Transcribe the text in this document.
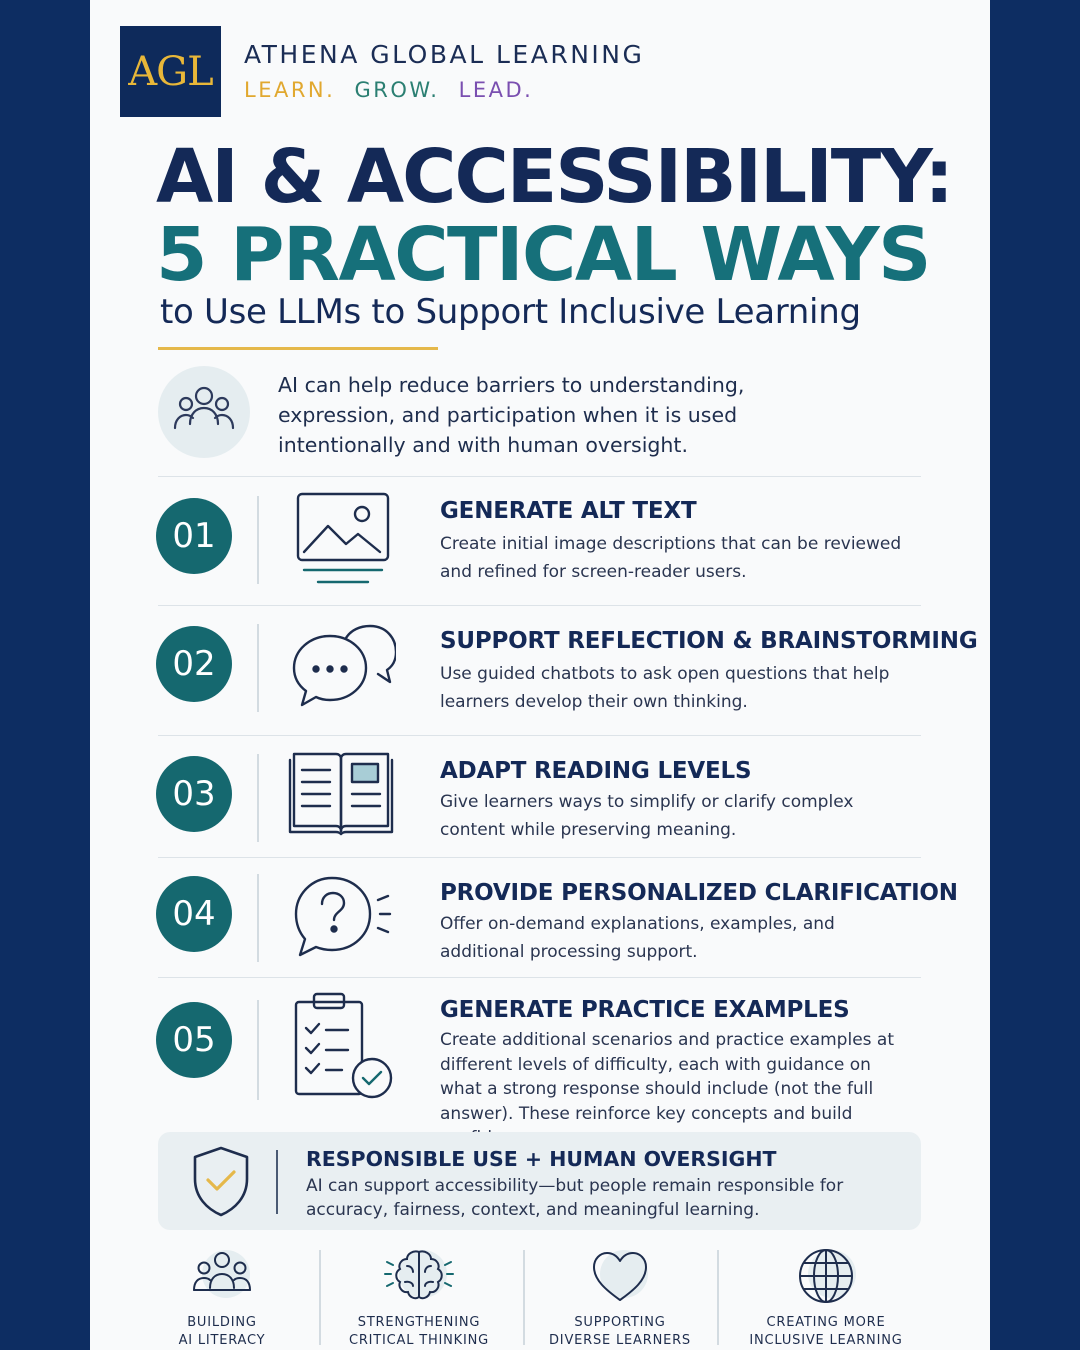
AGL ATHENA GLOBAL LEARNING
LEARN. GROW. LEAD.
AI & ACCESSIBILITY:
5 PRACTICAL WAYS
to Use LLMs to Support Inclusive Learning
AI can help reduce barriers to understanding, expression, and participation when it is used intentionally and with human oversight.
01
GENERATE ALT TEXT
Create initial image descriptions that can be reviewed and refined for screen-reader users.
02
SUPPORT REFLECTION & BRAINSTORMING
Use guided chatbots to ask open questions that help learners develop their own thinking.
03
ADAPT READING LEVELS
Give learners ways to simplify or clarify complex content while preserving meaning.
04
PROVIDE PERSONALIZED CLARIFICATION
Offer on-demand explanations, examples, and additional processing support.
05
GENERATE PRACTICE EXAMPLES
Create additional scenarios and practice examples at different levels of difficulty, each with guidance on what a strong response should include (not the full answer). These reinforce key concepts and build
RESPONSIBLE USE + HUMAN OVERSIGHT
AI can support accessibility—but people remain responsible for accuracy, fairness, context, and meaningful learning.
BUILDING
AI LITERACY
STRENGTHENING
CRITICAL THINKING
SUPPORTING
DIVERSE LEARNERS
CREATING MORE
INCLUSIVE LEARNING
